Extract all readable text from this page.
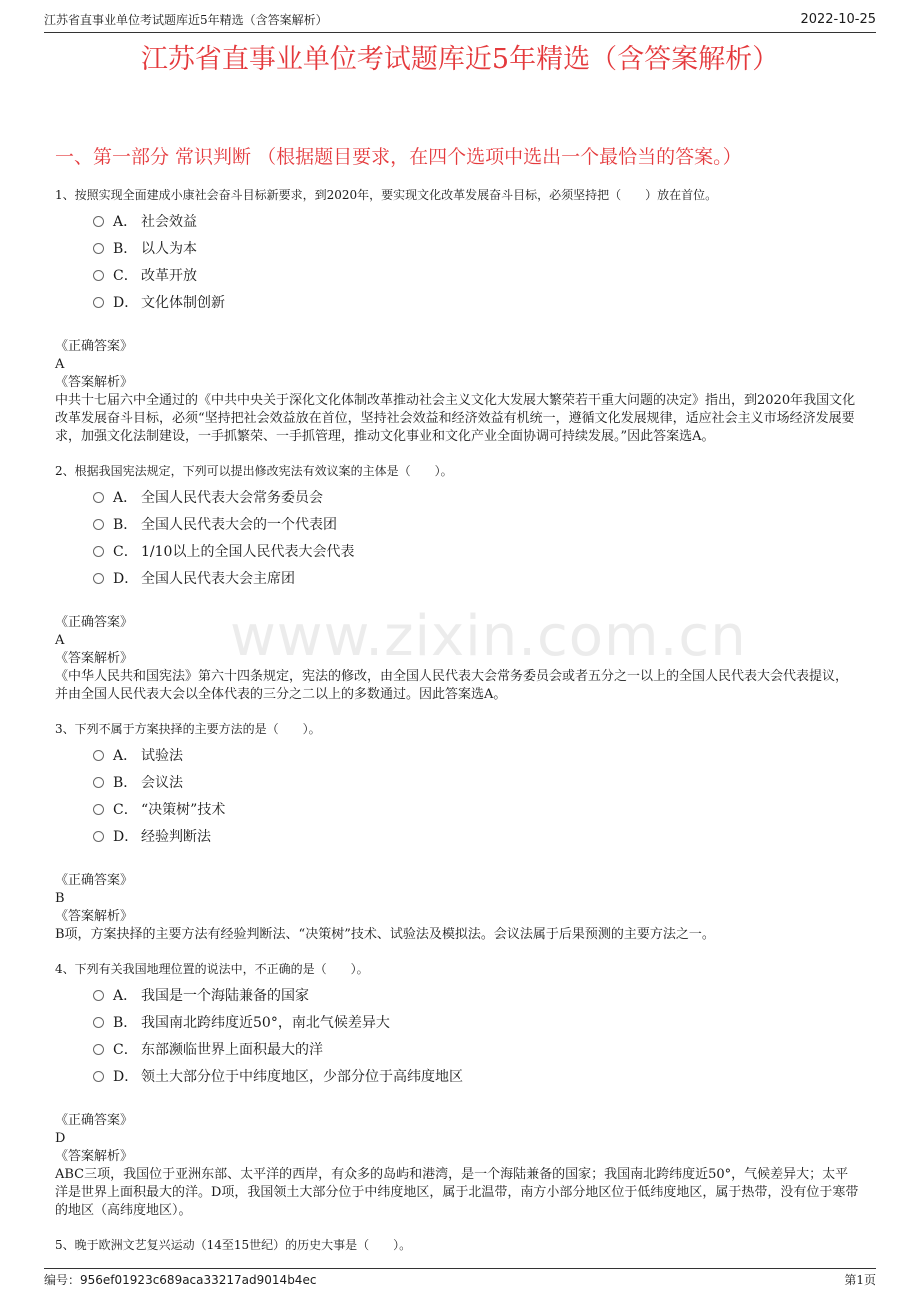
江苏省直事业单位考试题库近5年精选（含答案解析）	2022-10-25
江苏省直事业单位考试题库近5年精选（含答案解析）
一、第一部分 常识判断 （根据题目要求，在四个选项中选出一个最恰当的答案。）
www.zixin.com.cn

1、按照实现全面建成小康社会奋斗目标新要求，到2020年，要实现文化改革发展奋斗目标，必须坚持把（　　）放在首位。

A． 社会效益
B． 以人为本
C． 改革开放
D． 文化体制创新

《正确答案》

A

《答案解析》

中共十七届六中全通过的《中共中央关于深化文化体制改革推动社会主义文化大发展大繁荣若干重大问题的决定》指出，到2020年我国文化改革发展奋斗目标，必须“坚持把社会效益放在首位，坚持社会效益和经济效益有机统一，遵循文化发展规律，适应社会主义市场经济发展要求，加强文化法制建设，一手抓繁荣、一手抓管理，推动文化事业和文化产业全面协调可持续发展。”因此答案选A。

2、根据我国宪法规定，下列可以提出修改宪法有效议案的主体是（　　）。

A． 全国人民代表大会常务委员会
B． 全国人民代表大会的一个代表团
C． 1/10以上的全国人民代表大会代表
D． 全国人民代表大会主席团

《正确答案》

A

《答案解析》

《中华人民共和国宪法》第六十四条规定，宪法的修改，由全国人民代表大会常务委员会或者五分之一以上的全国人民代表大会代表提议，并由全国人民代表大会以全体代表的三分之二以上的多数通过。因此答案选A。

3、下列不属于方案抉择的主要方法的是（　　）。

A． 试验法
B． 会议法
C． “决策树”技术
D． 经验判断法

《正确答案》

B

《答案解析》

B项，方案抉择的主要方法有经验判断法、“决策树”技术、试验法及模拟法。会议法属于后果预测的主要方法之一。

4、下列有关我国地理位置的说法中，不正确的是（　　）。

A． 我国是一个海陆兼备的国家
B． 我国南北跨纬度近50°，南北气候差异大
C． 东部濒临世界上面积最大的洋
D． 领土大部分位于中纬度地区，少部分位于高纬度地区

《正确答案》

D

《答案解析》

ABC三项，我国位于亚洲东部、太平洋的西岸，有众多的岛屿和港湾，是一个海陆兼备的国家；我国南北跨纬度近50°，气候差异大；太平洋是世界上面积最大的洋。D项，我国领土大部分位于中纬度地区，属于北温带，南方小部分地区位于低纬度地区，属于热带，没有位于寒带的地区（高纬度地区）。

5、晚于欧洲文艺复兴运动（14至15世纪）的历史大事是（　　）。

编号：956ef01923c689aca33217ad9014b4ec	第1页
